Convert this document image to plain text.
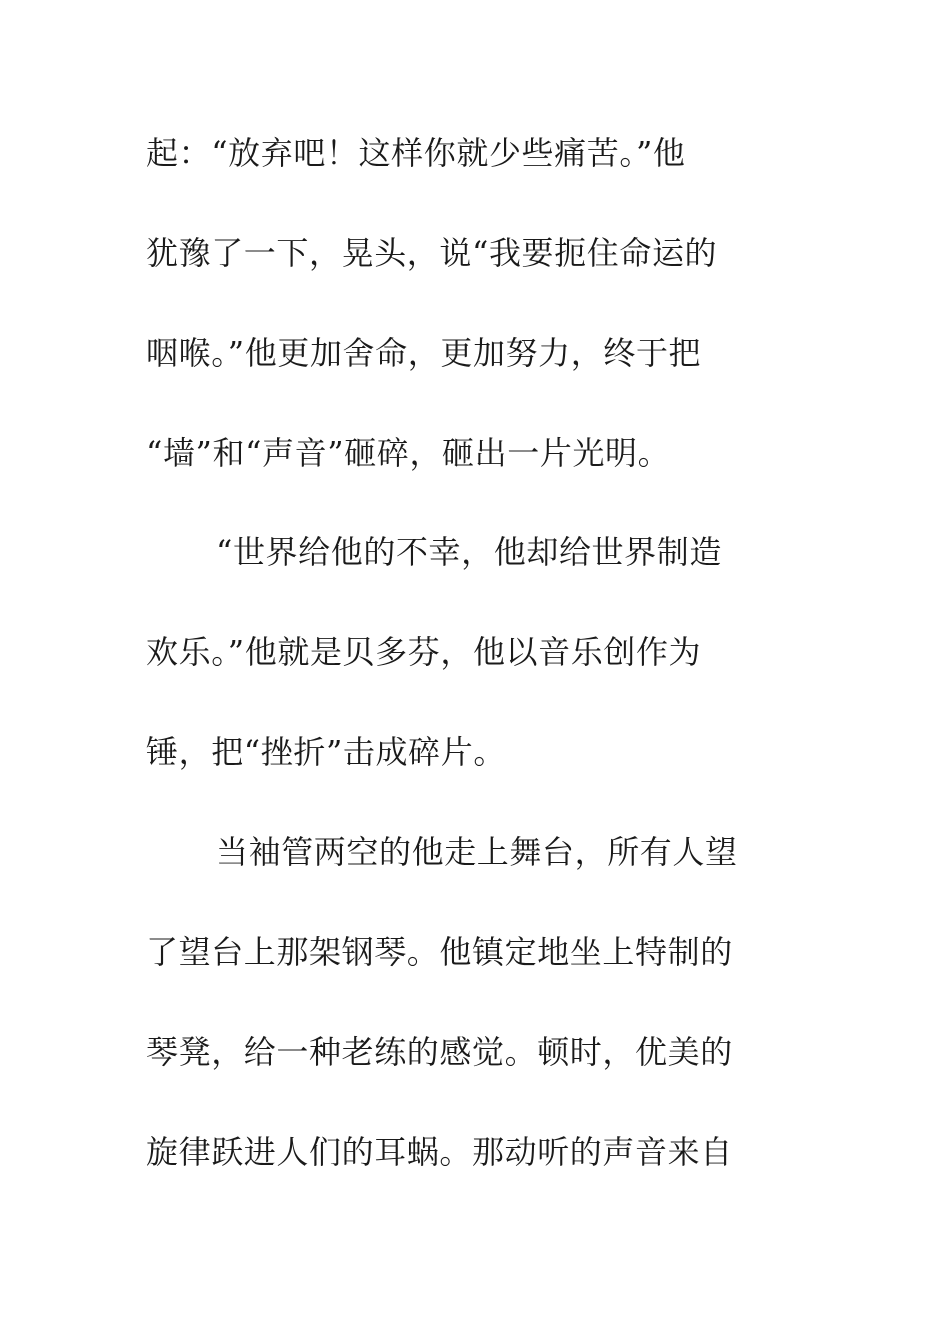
起：“放弃吧！这样你就少些痛苦。”他
犹豫了一下，晃头，说“我要扼住命运的
咽喉。”他更加舍命，更加努力，终于把
“墙”和“声音”砸碎，砸出一片光明。
“世界给他的不幸，他却给世界制造
欢乐。”他就是贝多芬，他以音乐创作为
锤，把“挫折”击成碎片。
当袖管两空的他走上舞台，所有人望
了望台上那架钢琴。他镇定地坐上特制的
琴凳，给一种老练的感觉。顿时，优美的
旋律跃进人们的耳蜗。那动听的声音来自
